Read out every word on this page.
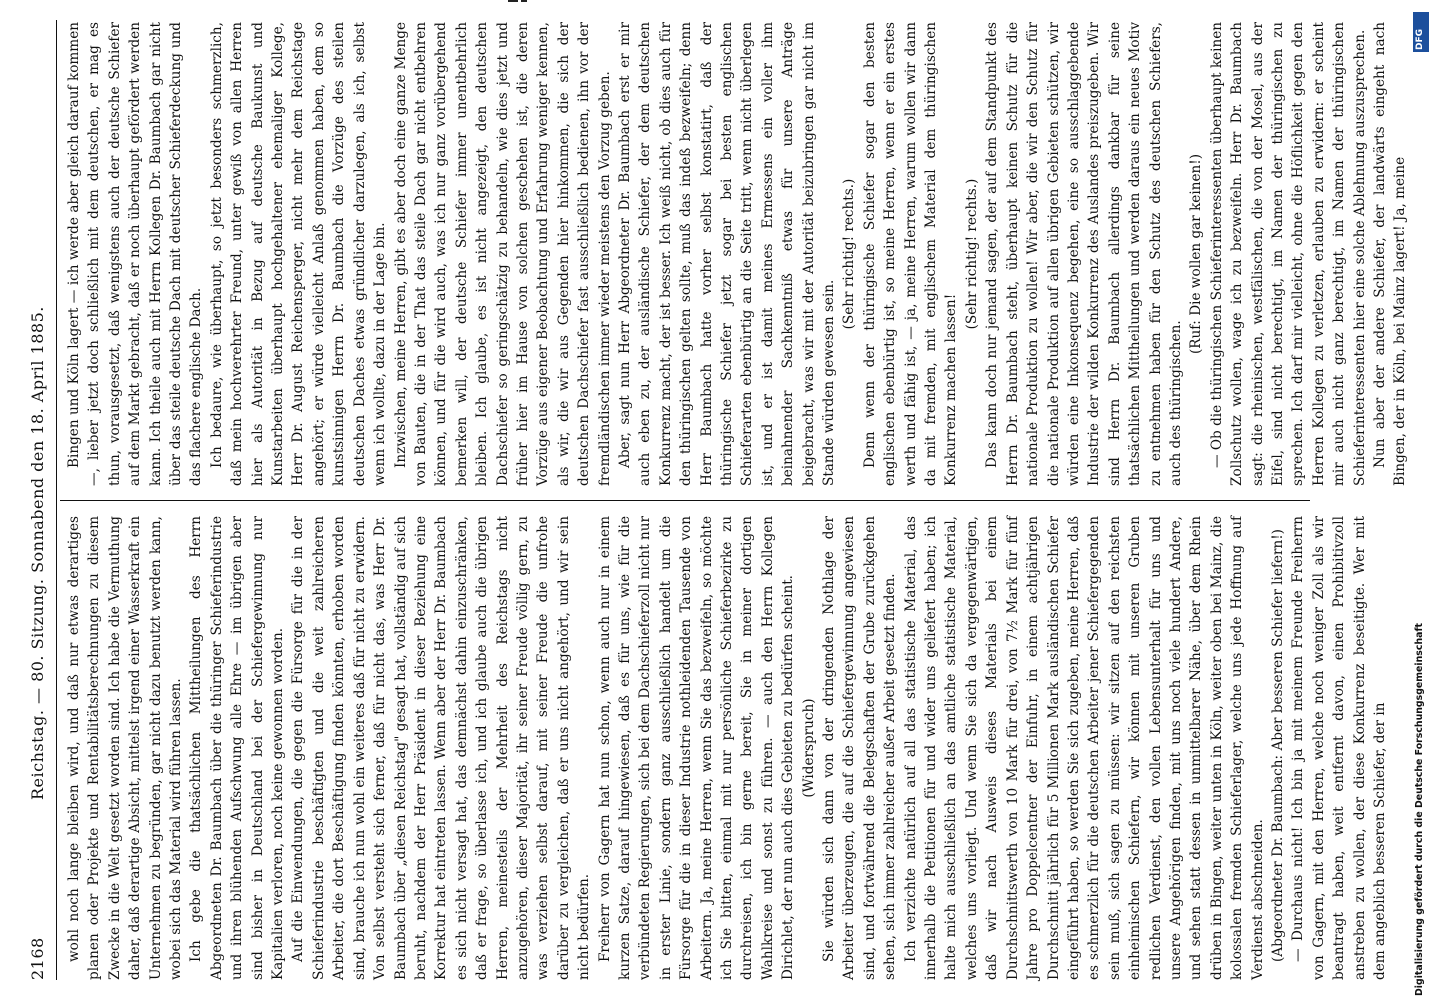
2168
Reichstag. — 80. Sitzung. Sonnabend den 18. April 1885. wohl noch lange bleiben wird, und daß nur etwas derartiges planen oder Projekte und Rentabilitätsberechnungen zu diesem Zwecke in die Welt gesetzt worden sind. Ich habe die Vermuthung daher, daß derartige Absicht, mittelst irgend einer Wasserkraft ein Unternehmen zu begründen, gar nicht dazu benutzt werden kann, wobei sich das Material wird führen lassen. Ich gebe die thatsächlichen Mittheilungen des Herrn Abgeordneten Dr. Baumbach über die thüringer Schieferindustrie und ihren blühenden Aufschwung alle Ehre — im übrigen aber sind bisher in Deutschland bei der Schiefergewinnung nur Kapitalien verloren, noch keine gewonnen worden. Auf die Einwendungen, die gegen die Fürsorge für die in der Schieferindustrie beschäftigten und die weit zahlreicheren Arbeiter, die dort Beschäftigung finden könnten, erhoben worden sind, brauche ich nun wohl ein weiteres daß für nicht zu erwidern. Von selbst versteht sich ferner, daß für nicht das, was Herr Dr. Baumbach über „diesen Reichstag" gesagt hat, vollständig auf sich beruht, nachdem der Herr Präsident in dieser Beziehung eine Korrektur hat eintreten lassen. Wenn aber der Herr Dr. Baumbach es sich nicht versagt hat, das demnächst dahin einzuschränken, daß er frage, so überlasse ich, und ich glaube auch die übrigen Herren, meinesteils der Mehrheit des Reichstags nicht anzugehören, dieser Majorität, ihr seiner Freude völlig gern, zu was verziehen selbst darauf, mit seiner Freude die unfrohe darüber zu vergleichen, daß er uns nicht angehört, und wir sein nicht bedürfen. Freiherr von Gagern hat nun schon, wenn auch nur in einem kurzen Satze, darauf hingewiesen, daß es für uns, wie für die verbündeten Regierungen, sich bei dem Dachschieferzoll nicht nur in erster Linie, sondern ganz ausschließlich handelt um die Fürsorge für die in dieser Industrie nothleidenden Tausende von Arbeitern. Ja, meine Herren, wenn Sie das bezweifeln, so möchte ich Sie bitten, einmal mit nur persönliche Schieferbezirke zu durchreisen, ich bin gerne bereit, Sie in meiner dortigen Wahlkreise und sonst zu führen. — auch den Herrn Kollegen Dirichlet, der nun auch dies Gebieten zu bedürfen scheint. (Widerspruch) Sie würden sich dann von der dringenden Nothlage der Arbeiter überzeugen, die auf die Schiefergewinnung angewiesen sind, und fortwährend die Belegschaften der Grube zurückgehen sehen, sich immer zahlreicher außer Arbeit gesetzt finden. Ich verzichte natürlich auf all das statistische Material, das innerhalb die Petitionen für und wider uns geliefert haben; ich halte mich ausschließlich an das amtliche statistische Material, welches uns vorliegt. Und wenn Sie sich da vergegenwärtigen, daß wir nach Ausweis dieses Materials bei einem Durchschnittswerth von 10 Mark für drei, von 7½ Mark für fünf Jahre pro Doppelcentner der Einfuhr, in einem achtjährigen Durchschnitt jährlich für 5 Millionen Mark ausländischen Schiefer eingeführt haben, so werden Sie sich zugeben, meine Herren, daß es schmerzlich für die deutschen Arbeiter jener Schiefergegenden sein muß, sich sagen zu müssen: wir sitzen auf den reichsten einheimischen Schiefern, wir können mit unseren Gruben redlichen Verdienst, den vollen Lebensunterhalt für uns und unsere Angehörigen finden, mit uns noch viele hundert Andere, und sehen statt dessen in unmittelbarer Nähe, über dem Rhein drüben in Bingen, weiter unten in Köln, weiter oben bei Mainz, die kolossalen fremden Schieferlager, welche uns jede Hoffnung auf Verdienst abschneiden. (Abgeordneter Dr. Baumbach: Aber besseren Schiefer liefern!) — Durchaus nicht! Ich bin ja mit meinem Freunde Freiherrn von Gagern, mit den Herren, welche noch weniger Zoll als wir beantragt haben, weit entfernt davon, einen Prohibitivzoll anstreben zu wollen, der diese Konkurrenz beseitigte. Wer mit dem angeblich besseren Schiefer, der in

Bingen und Köln lagert — ich werde aber gleich darauf kommen —, lieber jetzt doch schließlich mit dem deutschen, er mag es thun, vorausgesetzt, daß wenigstens auch der deutsche Schiefer auf dem Markt gebracht, daß er noch überhaupt gefördert werden kann. Ich theile auch mit Herrn Kollegen Dr. Baumbach gar nicht über das steile deutsche Dach mit deutscher Schieferdeckung und das flachere englische Dach. Ich bedaure, wie überhaupt, so jetzt besonders schmerzlich, daß mein hochverehrter Freund, unter gewiß von allen Herren hier als Autorität in Bezug auf deutsche Baukunst und Kunstarbeiten überhaupt hochgehaltener ehemaliger Kollege, Herr Dr. August Reichensperger, nicht mehr dem Reichstage angehört; er würde vielleicht Anlaß genommen haben, dem so kunstsinnigen Herrn Dr. Baumbach die Vorzüge des steilen deutschen Daches etwas gründlicher darzulegen, als ich, selbst wenn ich wollte, dazu in der Lage bin. Inzwischen, meine Herren, gibt es aber doch eine ganze Menge von Bauten, die in der That das steile Dach gar nicht entbehren können, und für die wird auch, was ich nur ganz vorübergehend bemerken will, der deutsche Schiefer immer unentbehrlich bleiben. Ich glaube, es ist nicht angezeigt, den deutschen Dachschiefer so geringschätzig zu behandeln, wie dies jetzt und früher hier im Hause von solchen geschehen ist, die deren Vorzüge aus eigener Beobachtung und Erfahrung weniger kennen, als wir, die wir aus Gegenden hier hinkommen, die sich der deutschen Dachschiefer fast ausschließlich bedienen, ihn vor der fremdländischen immer wieder meistens den Vorzug geben. Aber, sagt nun Herr Abgeordneter Dr. Baumbach erst er mir auch eben zu, der ausländische Schiefer, der dem deutschen Konkurrenz macht, der ist besser. Ich weiß nicht, ob dies auch für den thüringischen gelten sollte, muß das indeß bezweifeln; denn Herr Baumbach hatte vorher selbst konstatirt, daß der thüringische Schiefer jetzt sogar bei besten englischen Schieferarten ebenbürtig an die Seite tritt, wenn nicht überlegen ist, und er ist damit meines Ermessens ein voller ihm beinahnender Sachkenntniß etwas für unsere Anträge beigebracht, was wir mit der Autorität beizubringen gar nicht im Stande würden gewesen sein.

(Sehr richtig! rechts.) Denn wenn der thüringische Schiefer sogar den besten englischen ebenbürtig ist, so meine Herren, wenn er ein erstes werth und fähig ist, — ja, meine Herren, warum wollen wir dann da mit fremden, mit englischem Material dem thüringischen Konkurrenz machen lassen!

(Sehr richtig! rechts.) Das kann doch nur jemand sagen, der auf dem Standpunkt des Herrn Dr. Baumbach steht, überhaupt keinen Schutz für die nationale Produktion zu wollen! Wir aber, die wir den Schutz für die nationale Produktion auf allen übrigen Gebieten schützen, wir würden eine Inkonsequenz begehen, eine so ausschlaggebende Industrie der wilden Konkurrenz des Auslandes preiszugeben. Wir sind Herrn Dr. Baumbach allerdings dankbar für seine thatsächlichen Mittheilungen und werden daraus ein neues Motiv zu entnehmen haben für den Schutz des deutschen Schiefers, auch des thüringischen.

(Ruf: Die wollen gar keinen!) — Ob die thüringischen Schieferinteressenten überhaupt keinen Zollschutz wollen, wage ich zu bezweifeln. Herr Dr. Baumbach sagt: die rheinischen, westfälischen, die von der Mosel, aus der Eifel, sind nicht berechtigt, im Namen der thüringischen zu sprechen. Ich darf mir vielleicht, ohne die Höflichkeit gegen den Herren Kollegen zu verletzen, erlauben zu erwidern: er scheint mir auch nicht ganz berechtigt, im Namen der thüringischen Schieferinteressenten hier eine solche Ablehnung auszusprechen. Nun aber der andere Schiefer, der landwärts eingeht nach Bingen, der in Köln, bei Mainz lagert! Ja, meine

Digitalisierung gefördert durch die Deutsche Forschungsgemeinschaft
DFG
